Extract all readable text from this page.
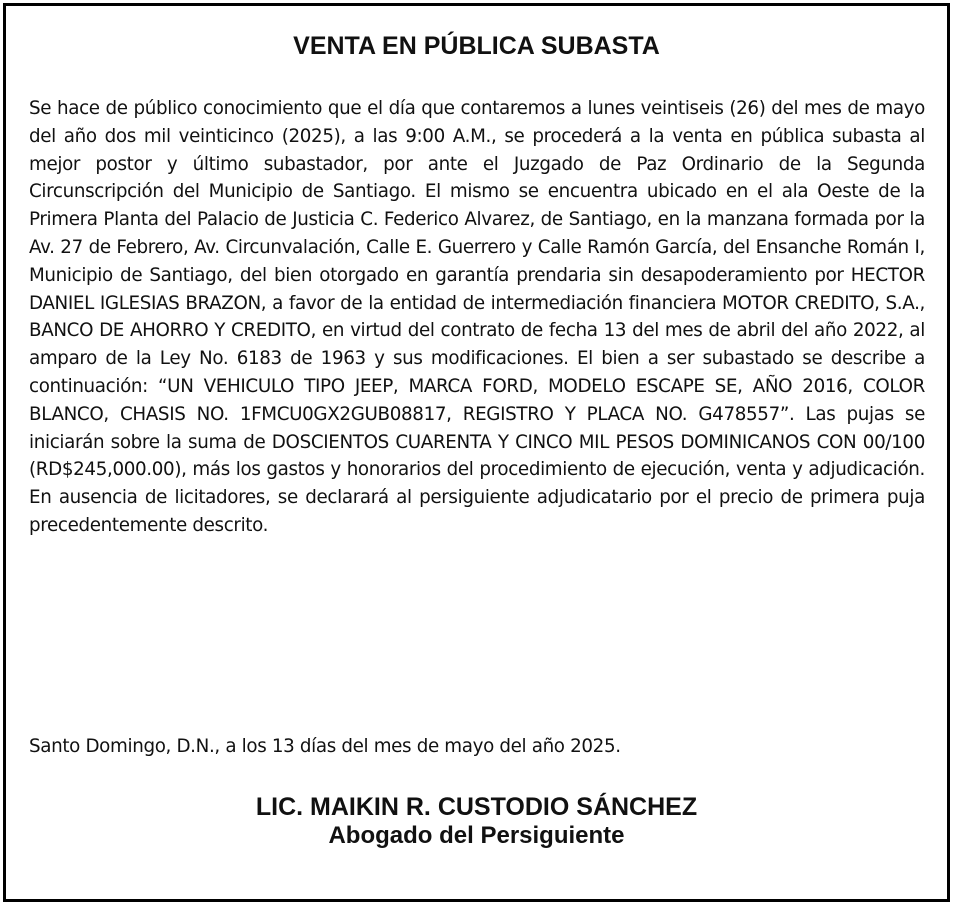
VENTA EN PÚBLICA SUBASTA
Se hace de público conocimiento que el día que contaremos a lunes veintiseis (26) del mes de mayo del año dos mil veinticinco (2025), a las 9:00 A.M., se procederá a la venta en pública subasta al mejor postor y último subastador, por ante el Juzgado de Paz Ordinario de la Segunda Circunscripción del Municipio de Santiago. El mismo se encuentra ubicado en el ala Oeste de la Primera Planta del Palacio de Justicia C. Federico Alvarez, de Santiago, en la manzana formada por la Av. 27 de Febrero, Av. Circunvalación, Calle E. Guerrero y Calle Ramón García, del Ensanche Román I, Municipio de Santiago, del bien otorgado en garantía prendaria sin desapoderamiento por HECTOR DANIEL IGLESIAS BRAZON, a favor de la entidad de intermediación financiera MOTOR CREDITO, S.A., BANCO DE AHORRO Y CREDITO, en virtud del contrato de fecha 13 del mes de abril del año 2022, al amparo de la Ley No. 6183 de 1963 y sus modificaciones. El bien a ser subastado se describe a continuación: “UN VEHICULO TIPO JEEP, MARCA FORD, MODELO ESCAPE SE, AÑO 2016, COLOR BLANCO, CHASIS NO. 1FMCU0GX2GUB08817, REGISTRO Y PLACA NO. G478557”. Las pujas se iniciarán sobre la suma de DOSCIENTOS CUARENTA Y CINCO MIL PESOS DOMINICANOS CON 00/100 (RD$245,000.00), más los gastos y honorarios del procedimiento de ejecución, venta y adjudicación. En ausencia de licitadores, se declarará al persiguiente adjudicatario por el precio de primera puja precedentemente descrito.
Santo Domingo, D.N., a los 13 días del mes de mayo del año 2025.
LIC. MAIKIN R. CUSTODIO SÁNCHEZ
Abogado del Persiguiente
